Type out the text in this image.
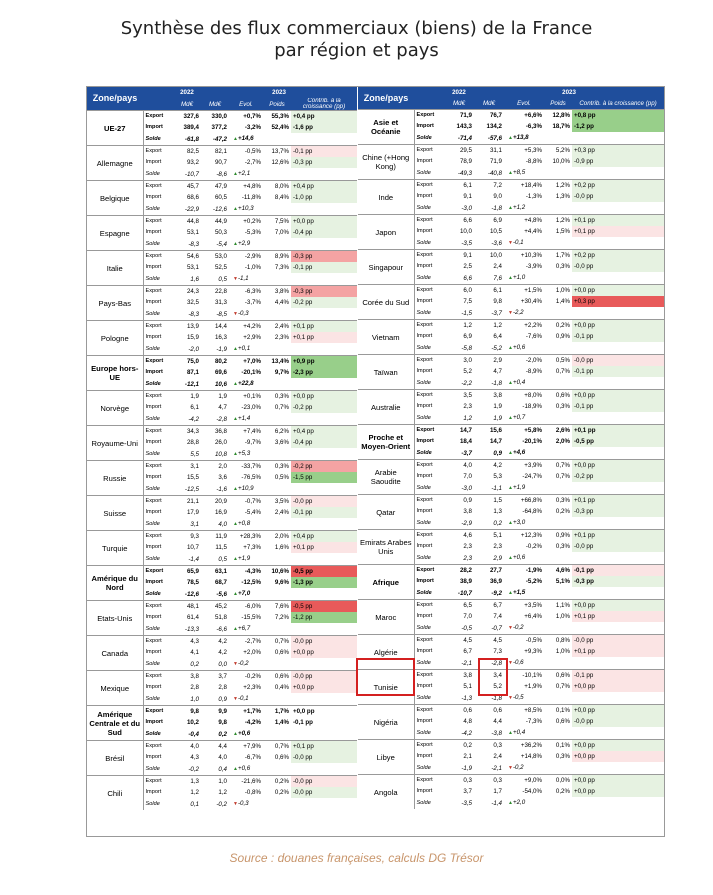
Synthèse des flux commerciaux (biens) de la France
par région et pays
Zone/pays		2022	2023			
		Md€	Md€	Evol.	Poids	Contrib. à la croissance (pp)
UE-27	Export	327,6	330,0	+0,7%	55,3%	+0,4 pp
	Import	389,4	377,2	-3,2%	52,4%	-1,6 pp
	Solde	-61,8	-47,2	▲+14,6		
Allemagne	Export	82,5	82,1	-0,5%	13,7%	-0,1 pp
	Import	93,2	90,7	-2,7%	12,6%	-0,3 pp
	Solde	-10,7	-8,6	▲+2,1		
Belgique	Export	45,7	47,9	+4,8%	8,0%	+0,4 pp
	Import	68,6	60,5	-11,8%	8,4%	-1,0 pp
	Solde	-22,9	-12,6	▲+10,3		
Espagne	Export	44,8	44,9	+0,2%	7,5%	+0,0 pp
	Import	53,1	50,3	-5,3%	7,0%	-0,4 pp
	Solde	-8,3	-5,4	▲+2,9		
Italie	Export	54,6	53,0	-2,9%	8,9%	-0,3 pp
	Import	53,1	52,5	-1,0%	7,3%	-0,1 pp
	Solde	1,6	0,5	▼-1,1		
Pays-Bas	Export	24,3	22,8	-6,3%	3,8%	-0,3 pp
	Import	32,5	31,3	-3,7%	4,4%	-0,2 pp
	Solde	-8,3	-8,5	▼-0,3		
Pologne	Export	13,9	14,4	+4,2%	2,4%	+0,1 pp
	Import	15,9	16,3	+2,9%	2,3%	+0,1 pp
	Solde	-2,0	-1,9	▲+0,1		
Europe hors-UE	Export	75,0	80,2	+7,0%	13,4%	+0,9 pp
	Import	87,1	69,6	-20,1%	9,7%	-2,3 pp
	Solde	-12,1	10,6	▲+22,8		
Norvège	Export	1,9	1,9	+0,1%	0,3%	+0,0 pp
	Import	6,1	4,7	-23,0%	0,7%	-0,2 pp
	Solde	-4,2	-2,8	▲+1,4		
Royaume-Uni	Export	34,3	36,8	+7,4%	6,2%	+0,4 pp
	Import	28,8	26,0	-9,7%	3,6%	-0,4 pp
	Solde	5,5	10,8	▲+5,3		
Russie	Export	3,1	2,0	-33,7%	0,3%	-0,2 pp
	Import	15,5	3,6	-76,5%	0,5%	-1,5 pp
	Solde	-12,5	-1,6	▲+10,9		
Suisse	Export	21,1	20,9	-0,7%	3,5%	-0,0 pp
	Import	17,9	16,9	-5,4%	2,4%	-0,1 pp
	Solde	3,1	4,0	▲+0,8		
Turquie	Export	9,3	11,9	+28,3%	2,0%	+0,4 pp
	Import	10,7	11,5	+7,3%	1,6%	+0,1 pp
	Solde	-1,4	0,5	▲+1,9		
Amérique du Nord	Export	65,9	63,1	-4,3%	10,6%	-0,5 pp
	Import	78,5	68,7	-12,5%	9,6%	-1,3 pp
	Solde	-12,6	-5,6	▲+7,0		
Etats-Unis	Export	48,1	45,2	-6,0%	7,6%	-0,5 pp
	Import	61,4	51,8	-15,5%	7,2%	-1,2 pp
	Solde	-13,3	-6,6	▲+6,7		
Canada	Export	4,3	4,2	-2,7%	0,7%	-0,0 pp
	Import	4,1	4,2	+2,0%	0,6%	+0,0 pp
	Solde	0,2	0,0	▼-0,2		
Mexique	Export	3,8	3,7	-0,2%	0,6%	-0,0 pp
	Import	2,8	2,8	+2,3%	0,4%	+0,0 pp
	Solde	1,0	0,9	▼-0,1		
Amérique Centrale et du Sud	Export	9,8	9,9	+1,7%	1,7%	+0,0 pp
	Import	10,2	9,8	-4,2%	1,4%	-0,1 pp
	Solde	-0,4	0,2	▲+0,6		
Brésil	Export	4,0	4,4	+7,9%	0,7%	+0,1 pp
	Import	4,3	4,0	-6,7%	0,6%	-0,0 pp
	Solde	-0,2	0,4	▲+0,6		
Chili	Export	1,3	1,0	-21,6%	0,2%	-0,0 pp
	Import	1,2	1,2	-0,8%	0,2%	-0,0 pp
	Solde	0,1	-0,2	▼-0,3		
Zone/pays		2022	2023			
		Md€	Md€	Evol.	Poids	Contrib. à la croissance (pp)
Asie et Océanie	Export	71,9	76,7	+6,6%	12,8%	+0,8 pp
	Import	143,3	134,2	-6,3%	18,7%	-1,2 pp
	Solde	-71,4	-57,6	▲+13,8		
Chine (+Hong Kong)	Export	29,5	31,1	+5,3%	5,2%	+0,3 pp
	Import	78,9	71,9	-8,8%	10,0%	-0,9 pp
	Solde	-49,3	-40,8	▲+8,5		
Inde	Export	6,1	7,2	+18,4%	1,2%	+0,2 pp
	Import	9,1	9,0	-1,3%	1,3%	-0,0 pp
	Solde	-3,0	-1,8	▲+1,2		
Japon	Export	6,6	6,9	+4,8%	1,2%	+0,1 pp
	Import	10,0	10,5	+4,4%	1,5%	+0,1 pp
	Solde	-3,5	-3,6	▼-0,1		
Singapour	Export	9,1	10,0	+10,3%	1,7%	+0,2 pp
	Import	2,5	2,4	-3,9%	0,3%	-0,0 pp
	Solde	6,6	7,6	▲+1,0		
Corée du Sud	Export	6,0	6,1	+1,5%	1,0%	+0,0 pp
	Import	7,5	9,8	+30,4%	1,4%	+0,3 pp
	Solde	-1,5	-3,7	▼-2,2		
Vietnam	Export	1,2	1,2	+2,2%	0,2%	+0,0 pp
	Import	6,9	6,4	-7,6%	0,9%	-0,1 pp
	Solde	-5,8	-5,2	▲+0,6		
Taïwan	Export	3,0	2,9	-2,0%	0,5%	-0,0 pp
	Import	5,2	4,7	-8,9%	0,7%	-0,1 pp
	Solde	-2,2	-1,8	▲+0,4		
Australie	Export	3,5	3,8	+8,0%	0,6%	+0,0 pp
	Import	2,3	1,9	-18,9%	0,3%	-0,1 pp
	Solde	1,2	1,9	▲+0,7		
Proche et Moyen-Orient	Export	14,7	15,6	+5,8%	2,6%	+0,1 pp
	Import	18,4	14,7	-20,1%	2,0%	-0,5 pp
	Solde	-3,7	0,9	▲+4,6		
Arabie Saoudite	Export	4,0	4,2	+3,9%	0,7%	+0,0 pp
	Import	7,0	5,3	-24,7%	0,7%	-0,2 pp
	Solde	-3,0	-1,1	▲+1,9		
Qatar	Export	0,9	1,5	+66,8%	0,3%	+0,1 pp
	Import	3,8	1,3	-64,8%	0,2%	-0,3 pp
	Solde	-2,9	0,2	▲+3,0		
Emirats Arabes Unis	Export	4,6	5,1	+12,3%	0,9%	+0,1 pp
	Import	2,3	2,3	-0,2%	0,3%	-0,0 pp
	Solde	2,3	2,9	▲+0,6		
Afrique	Export	28,2	27,7	-1,9%	4,6%	-0,1 pp
	Import	38,9	36,9	-5,2%	5,1%	-0,3 pp
	Solde	-10,7	-9,2	▲+1,5		
Maroc	Export	6,5	6,7	+3,5%	1,1%	+0,0 pp
	Import	7,0	7,4	+6,4%	1,0%	+0,1 pp
	Solde	-0,5	-0,7	▼-0,2		
Algérie	Export	4,5	4,5	-0,5%	0,8%	-0,0 pp
	Import	6,7	7,3	+9,3%	1,0%	+0,1 pp
	Solde	-2,1	-2,8	▼-0,6		
Tunisie	Export	3,8	3,4	-10,1%	0,6%	-0,1 pp
	Import	5,1	5,2	+1,9%	0,7%	+0,0 pp
	Solde	-1,3	-1,8	▼-0,5		
Nigéria	Export	0,6	0,6	+8,5%	0,1%	+0,0 pp
	Import	4,8	4,4	-7,3%	0,6%	-0,0 pp
	Solde	-4,2	-3,8	▲+0,4		
Libye	Export	0,2	0,3	+36,2%	0,1%	+0,0 pp
	Import	2,1	2,4	+14,8%	0,3%	+0,0 pp
	Solde	-1,9	-2,1	▼-0,2		
Angola	Export	0,3	0,3	+9,0%	0,0%	+0,0 pp
	Import	3,7	1,7	-54,0%	0,2%	+0,0 pp
	Solde	-3,5	-1,4	▲+2,0		
Source : douanes françaises, calculs DG Trésor
